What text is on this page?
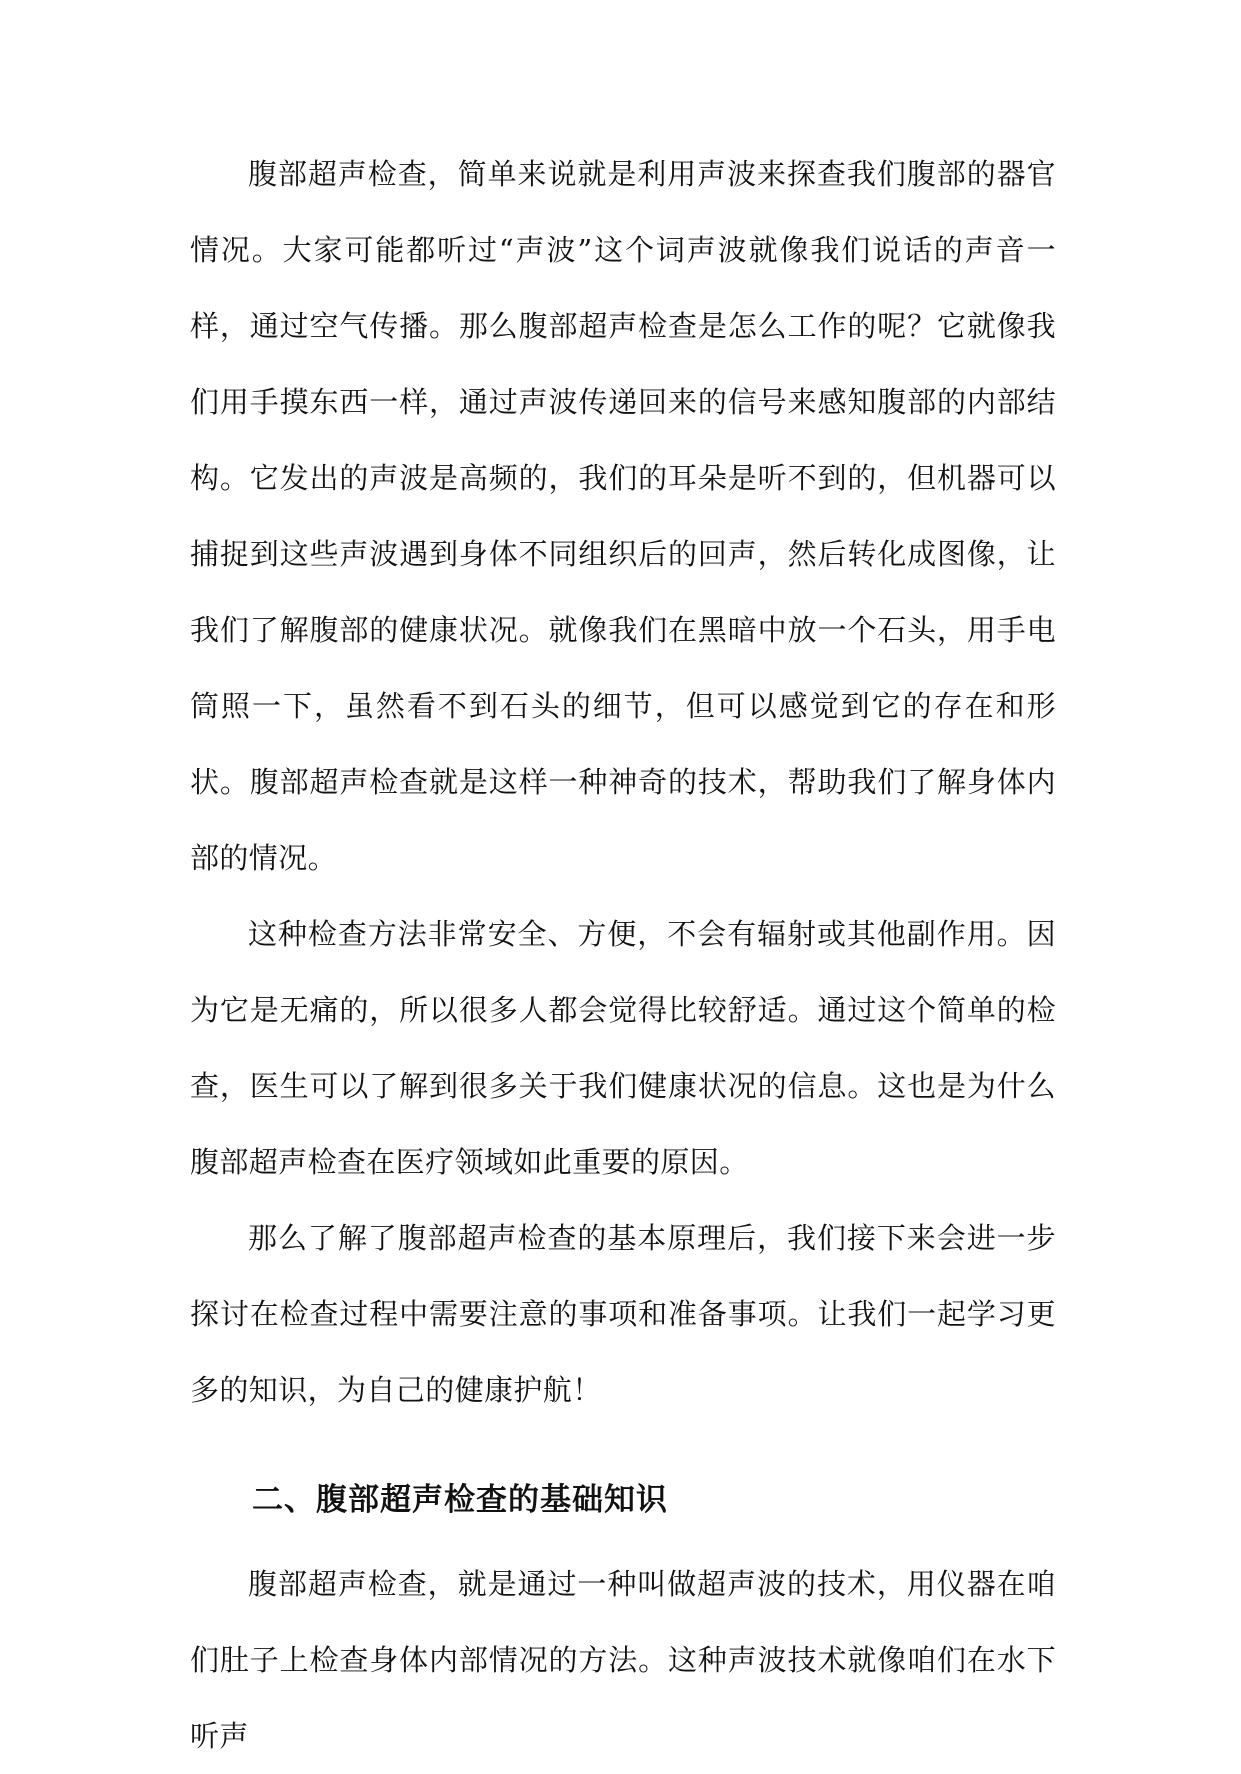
腹部超声检查，简单来说就是利用声波来探查我们腹部的器官情况。大家可能都听过“声波”这个词声波就像我们说话的声音一样，通过空气传播。那么腹部超声检查是怎么工作的呢？它就像我们用手摸东西一样，通过声波传递回来的信号来感知腹部的内部结构。它发出的声波是高频的，我们的耳朵是听不到的，但机器可以捕捉到这些声波遇到身体不同组织后的回声，然后转化成图像，让我们了解腹部的健康状况。就像我们在黑暗中放一个石头，用手电筒照一下，虽然看不到石头的细节，但可以感觉到它的存在和形状。腹部超声检查就是这样一种神奇的技术，帮助我们了解身体内部的情况。

这种检查方法非常安全、方便，不会有辐射或其他副作用。因为它是无痛的，所以很多人都会觉得比较舒适。通过这个简单的检查，医生可以了解到很多关于我们健康状况的信息。这也是为什么腹部超声检查在医疗领域如此重要的原因。

那么了解了腹部超声检查的基本原理后，我们接下来会进一步探讨在检查过程中需要注意的事项和准备事项。让我们一起学习更多的知识，为自己的健康护航！

二、腹部超声检查的基础知识

腹部超声检查，就是通过一种叫做超声波的技术，用仪器在咱们肚子上检查身体内部情况的方法。这种声波技术就像咱们在水下听声
